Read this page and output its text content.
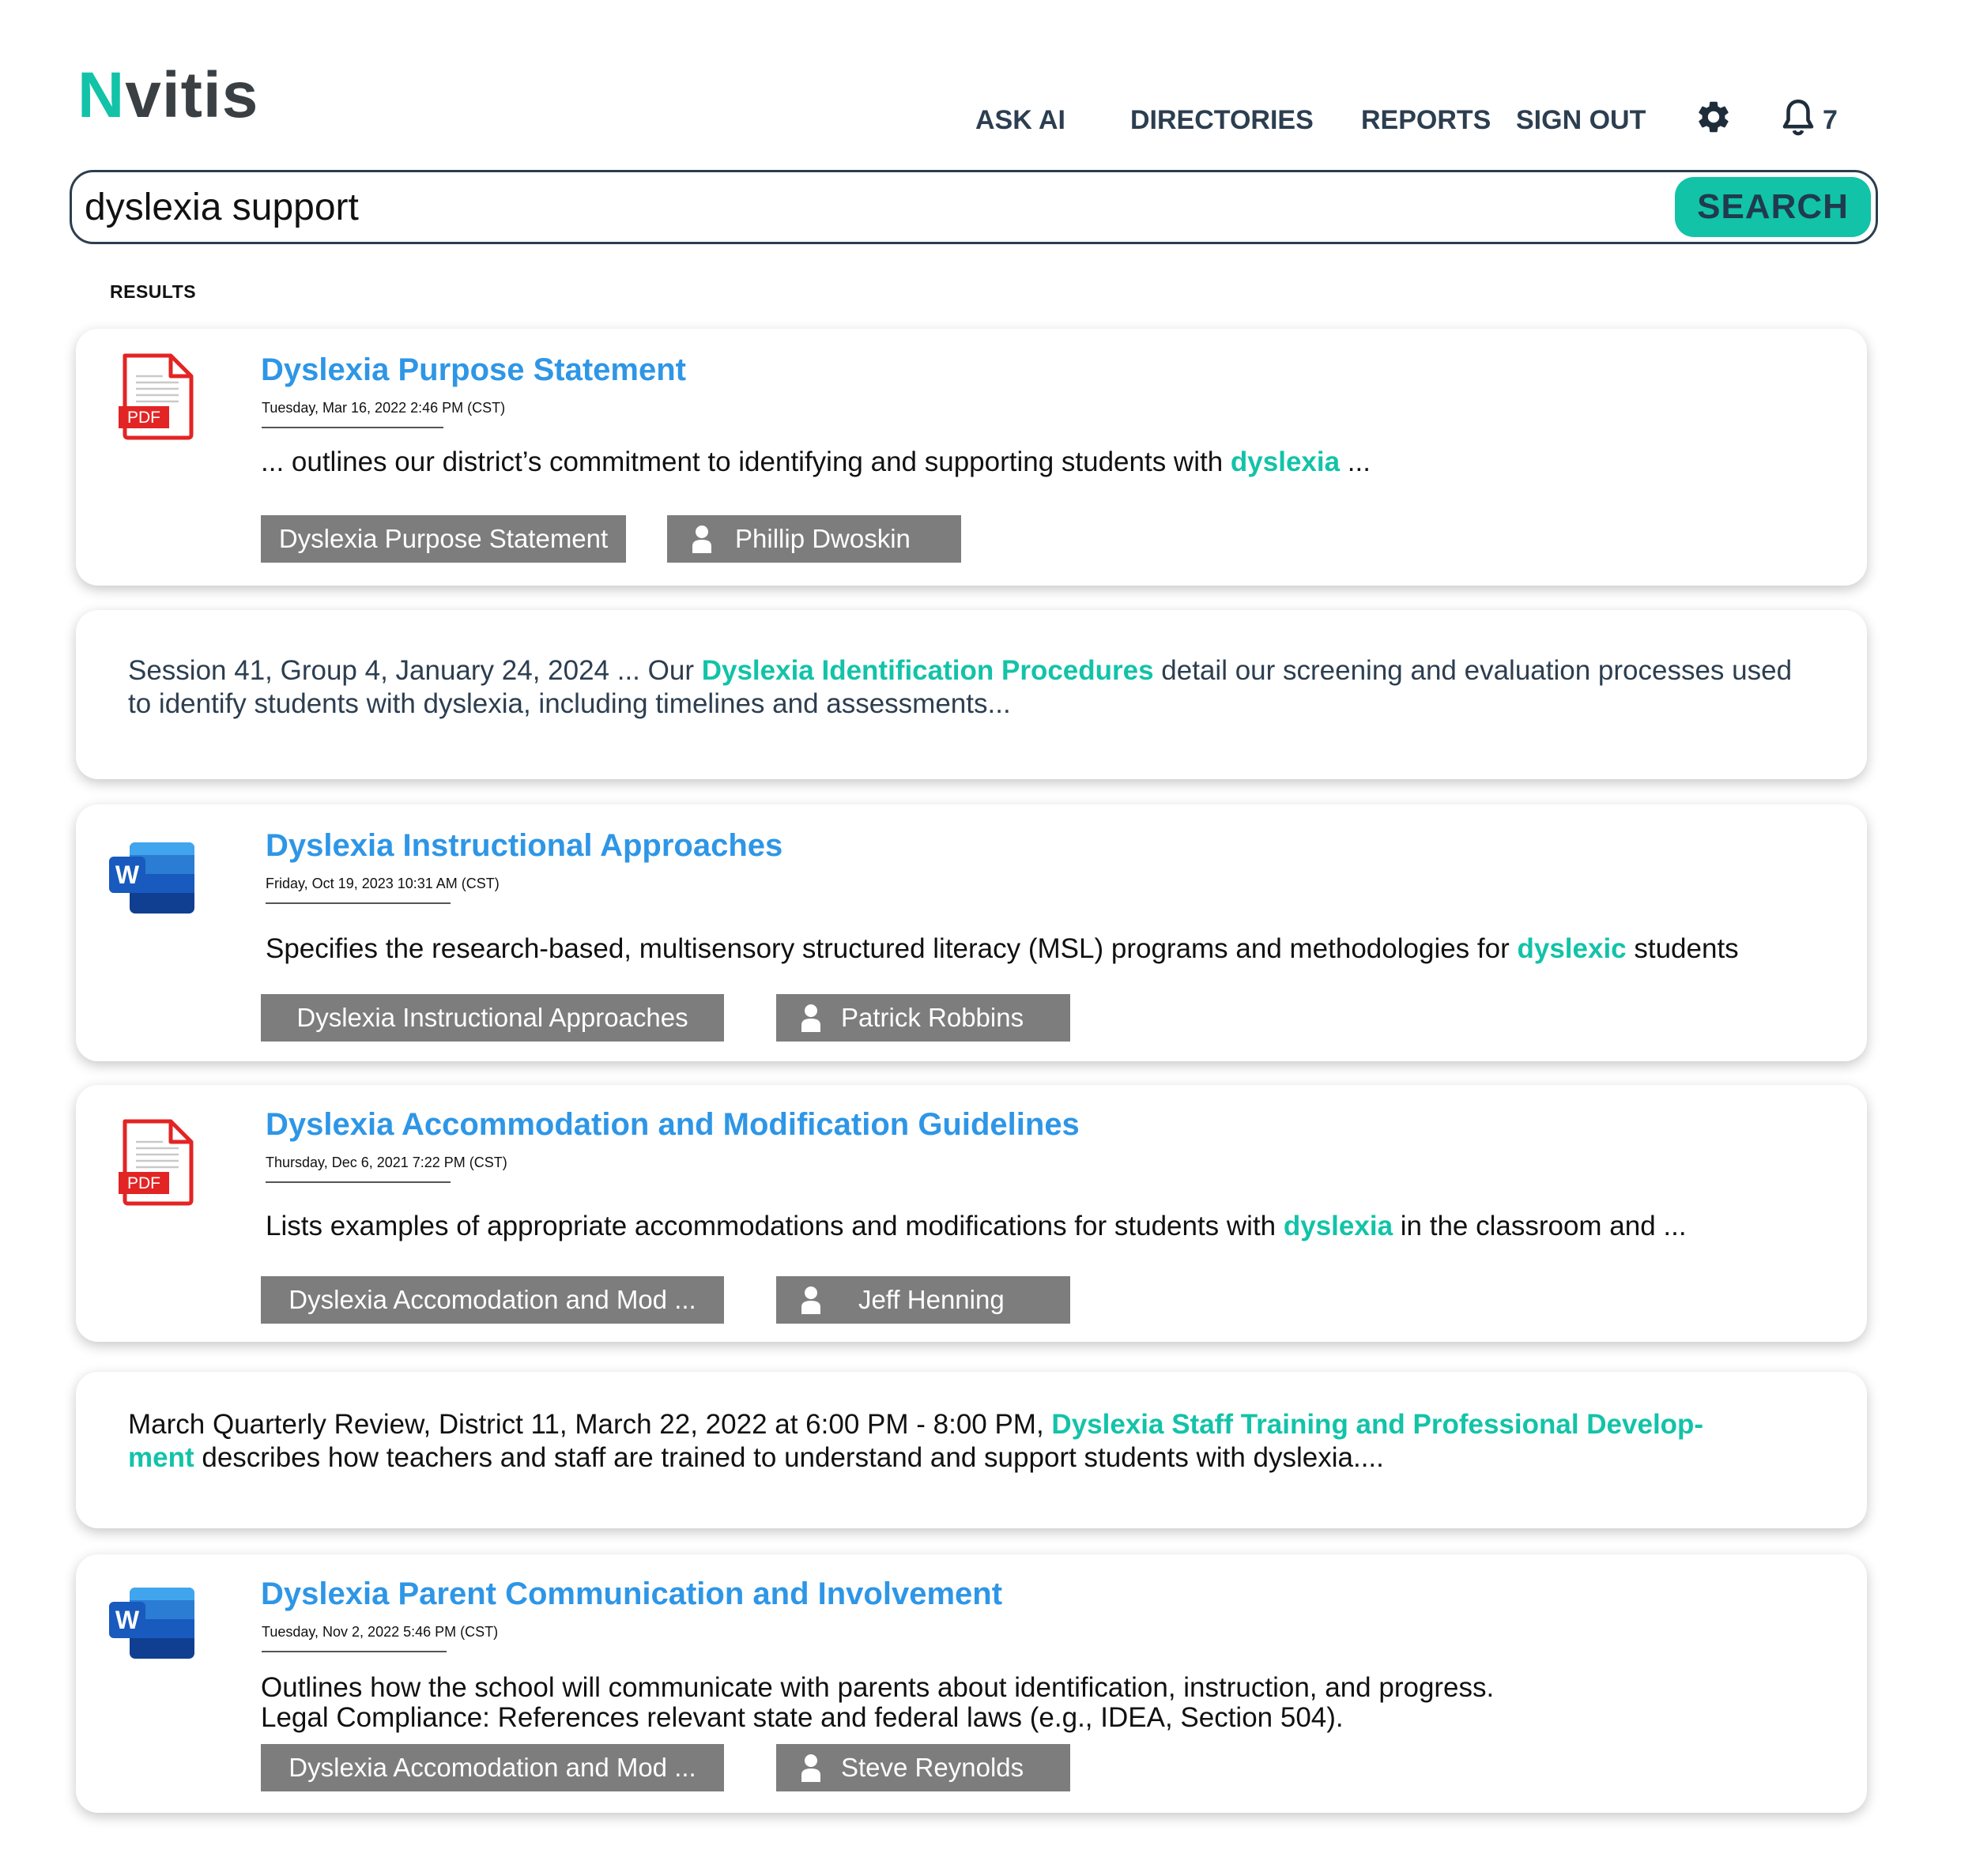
Nvitis	ASK AI DIRECTORIES REPORTS SIGN OUT	7
dyslexia support
SEARCH
RESULTS
PDF
Dyslexia Purpose Statement
Tuesday, Mar 16, 2022 2:46 PM (CST)
... outlines our district’s commitment to identifying and supporting students with dyslexia ...
Dyslexia Purpose Statement	Phillip Dwoskin
Session 41, Group 4, January 24, 2024 ... Our Dyslexia Identification Procedures detail our screening and evaluation processes used
to identify students with dyslexia, including timelines and assessments...
W
Dyslexia Instructional Approaches
Friday, Oct 19, 2023 10:31 AM (CST)
Specifies the research-based, multisensory structured literacy (MSL) programs and methodologies for dyslexic students
Dyslexia Instructional Approaches	Patrick Robbins
PDF
Dyslexia Accommodation and Modification Guidelines
Thursday, Dec 6, 2021 7:22 PM (CST)
Lists examples of appropriate accommodations and modifications for students with dyslexia in the classroom and ...
Dyslexia Accomodation and Mod ...	Jeff Henning
March Quarterly Review, District 11, March 22, 2022 at 6:00 PM - 8:00 PM, Dyslexia Staff Training and Professional Develop-
ment describes how teachers and staff are trained to understand and support students with dyslexia....
W
Dyslexia Parent Communication and Involvement
Tuesday, Nov 2, 2022 5:46 PM (CST)
Outlines how the school will communicate with parents about identification, instruction, and progress.
Legal Compliance: References relevant state and federal laws (e.g., IDEA, Section 504).
Dyslexia Accomodation and Mod ...	Steve Reynolds
